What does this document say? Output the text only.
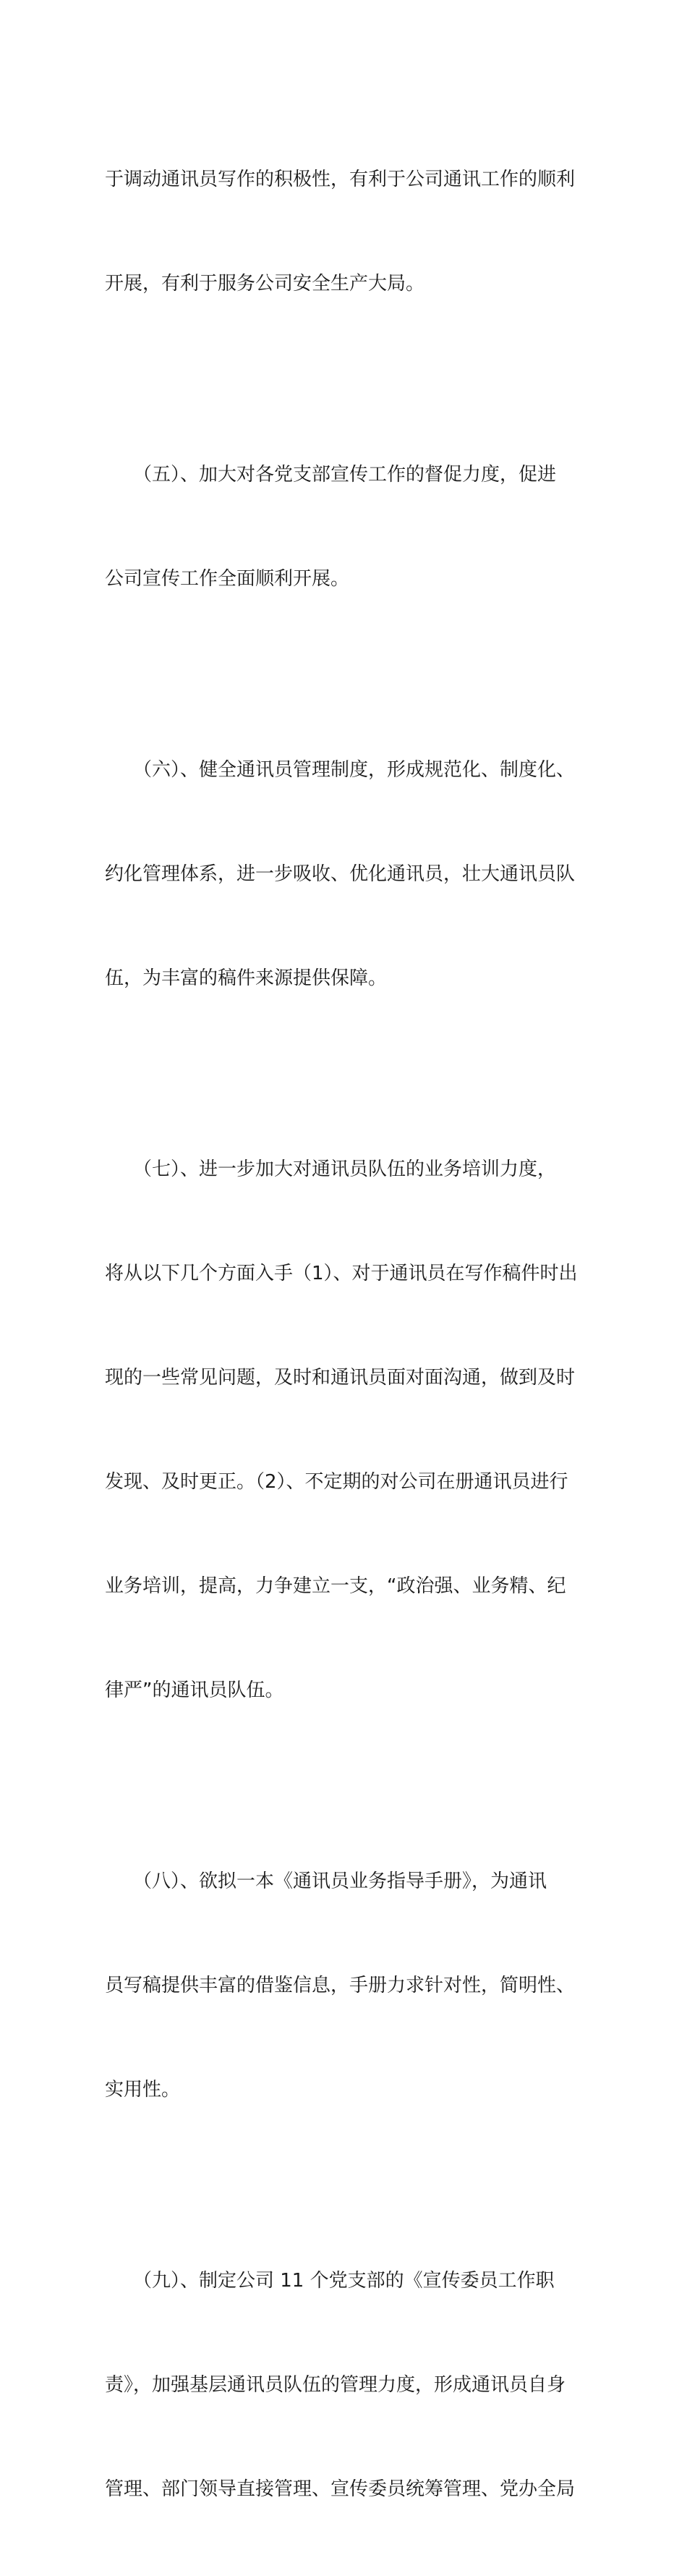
于调动通讯员写作的积极性，有利于公司通讯工作的顺利

开展，有利于服务公司安全生产大局。

　　（五）、加大对各党支部宣传工作的督促力度，促进

公司宣传工作全面顺利开展。

　　（六）、健全通讯员管理制度，形成规范化、制度化、

约化管理体系，进一步吸收、优化通讯员，壮大通讯员队

伍，为丰富的稿件来源提供保障。

　　（七）、进一步加大对通讯员队伍的业务培训力度，

将从以下几个方面入手（1）、对于通讯员在写作稿件时出

现的一些常见问题，及时和通讯员面对面沟通，做到及时

发现、及时更正。（2）、不定期的对公司在册通讯员进行

业务培训，提高，力争建立一支，“政治强、业务精、纪

律严”的通讯员队伍。

　　（八）、欲拟一本《通讯员业务指导手册》，为通讯

员写稿提供丰富的借鉴信息，手册力求针对性，简明性、

实用性。

　　（九）、制定公司 11 个党支部的《宣传委员工作职

责》，加强基层通讯员队伍的管理力度，形成通讯员自身

管理、部门领导直接管理、宣传委员统筹管理、党办全局
